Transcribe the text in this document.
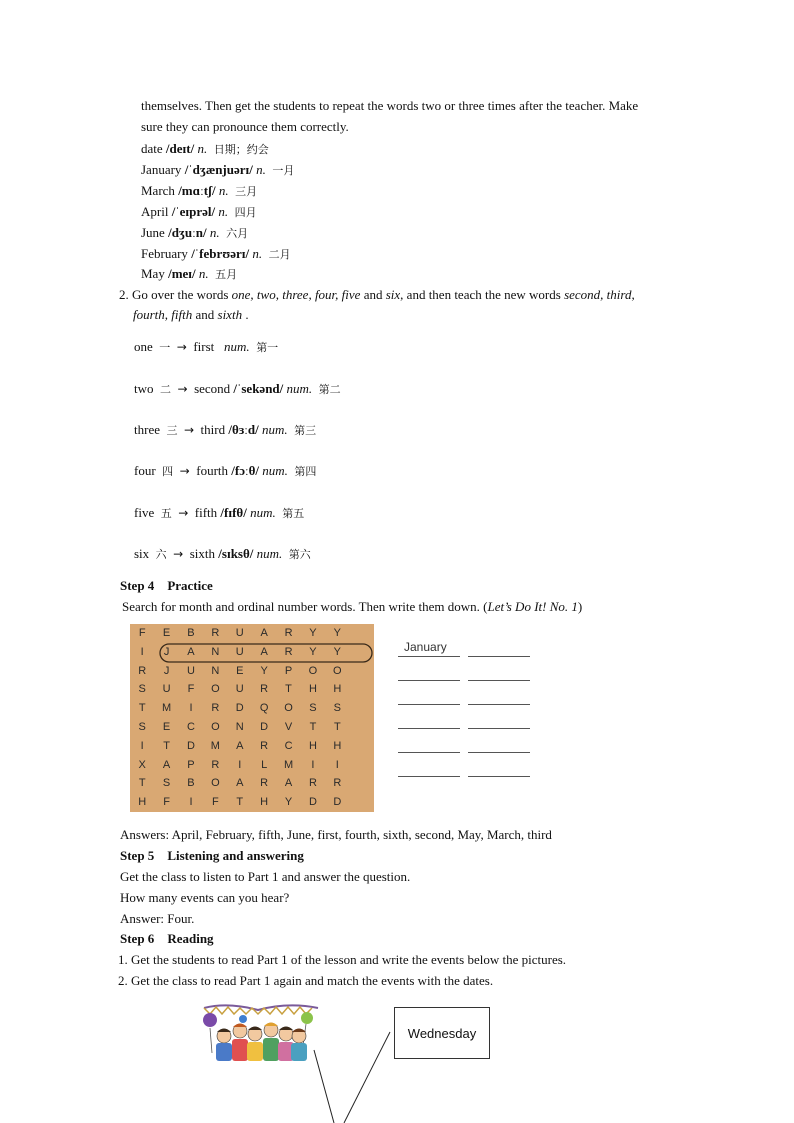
themselves. Then get the students to repeat the words two or three times after the teacher. Make
sure they can pronounce them correctly.
date /deɪt/ n. 日期；约会
January /ˈdʒænjuərɪ/ n. 一月
March /mɑːtʃ/ n. 三月
April /ˈeɪprəl/ n. 四月
June /dʒuːn/ n. 六月
February /ˈfebrʊərɪ/ n. 二月
May /meɪ/ n. 五月
2. Go over the words one, two, three, four, five and six, and then teach the new words second, third,
fourth, fifth and sixth .
one 一 → first num. 第一
two 二 → second /ˈsekənd/ num. 第二
three 三 → third /θɜːd/ num. 第三
four 四 → fourth /fɔːθ/ num. 第四
five 五 → fifth /fɪfθ/ num. 第五
six 六 → sixth /sɪksθ/ num. 第六
Step 4 Practice
Search for month and ordinal number words. Then write them down. (Let’s Do It! No. 1)
F	E	B	R	U	A	R	Y	Y
I	J	A	N	U	A	R	Y	Y
R	J	U	N	E	Y	P	O	O
S	U	F	O	U	R	T	H	H
T	M	I	R	D	Q	O	S	S
S	E	C	O	N	D	V	T	T
I	T	D	M	A	R	C	H	H
X	A	P	R	I	L	M	I	I
T	S	B	O	A	R	A	R	R
H	F	I	F	T	H	Y	D	D
January
Answers: April, February, fifth, June, first, fourth, sixth, second, May, March, third
Step 5 Listening and answering
Get the class to listen to Part 1 and answer the question.
How many events can you hear?
Answer: Four.
Step 6 Reading
1. Get the students to read Part 1 of the lesson and write the events below the pictures.
2. Get the class to read Part 1 again and match the events with the dates.
Wednesday
